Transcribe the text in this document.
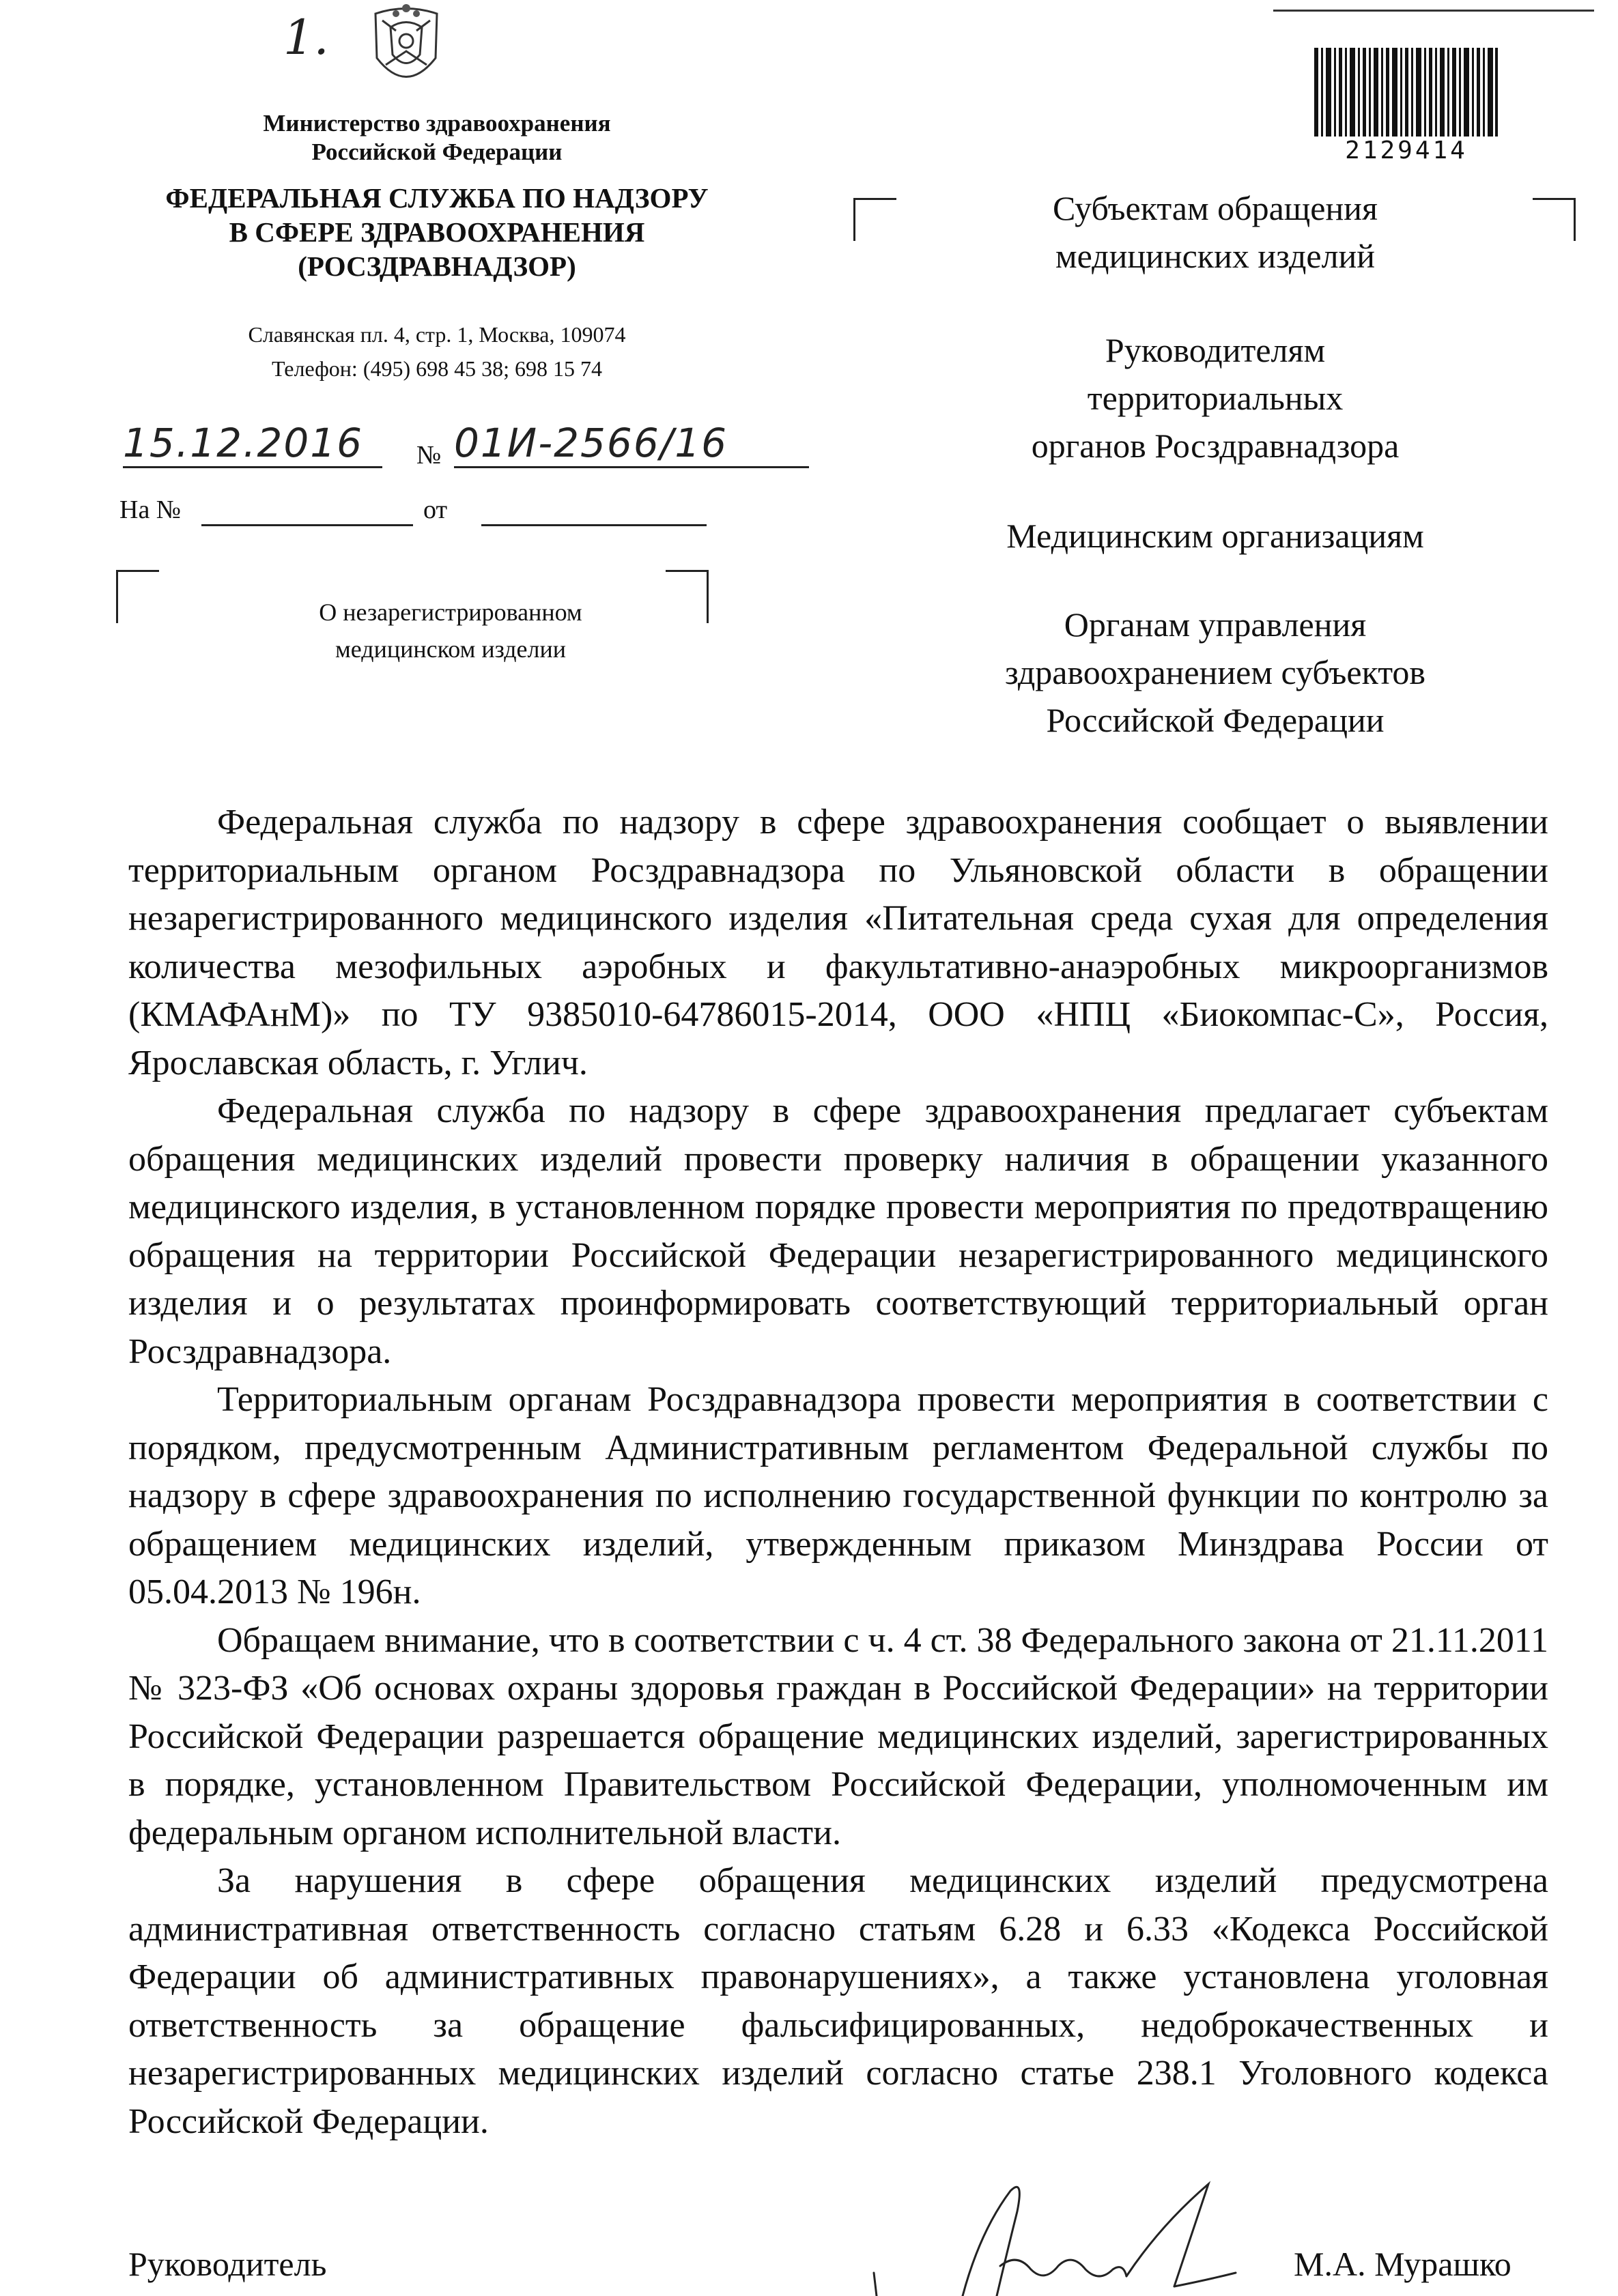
1.
Министерство здравоохранения
Российской Федерации
ФЕДЕРАЛЬНАЯ СЛУЖБА ПО НАДЗОРУ
В СФЕРЕ ЗДРАВООХРАНЕНИЯ
(РОСЗДРАВНАДЗОР)
Славянская пл. 4, стр. 1, Москва, 109074
Телефон: (495) 698 45 38; 698 15 74
15.12.2016	№ 01И-2566/16
На №	от
О незарегистрированном
медицинском изделии
2129414
Субъектам обращения
медицинских изделий
Руководителям
территориальных
органов Росздравнадзора
Медицинским организациям
Органам управления
здравоохранением субъектов
Российской Федерации

Федеральная служба по надзору в сфере здравоохранения сообщает о выявлении территориальным органом Росздравнадзора по Ульяновской области в обращении незарегистрированного медицинского изделия «Питательная среда сухая для определения количества мезофильных аэробных и факультативно-анаэробных микроорганизмов (КМАФАнМ)» по ТУ 9385010-64786015-2014, ООО «НПЦ «Биокомпас-С», Россия, Ярославская область, г. Углич.

Федеральная служба по надзору в сфере здравоохранения предлагает субъектам обращения медицинских изделий провести проверку наличия в обращении указанного медицинского изделия, в установленном порядке провести мероприятия по предотвращению обращения на территории Российской Федерации незарегистрированного медицинского изделия и о результатах проинформировать соответствующий территориальный орган Росздравнадзора.

Территориальным органам Росздравнадзора провести мероприятия в соответствии с порядком, предусмотренным Административным регламентом Федеральной службы по надзору в сфере здравоохранения по исполнению государственной функции по контролю за обращением медицинских изделий, утвержденным приказом Минздрава России от 05.04.2013 № 196н.

Обращаем внимание, что в соответствии с ч. 4 ст. 38 Федерального закона от 21.11.2011 № 323-ФЗ «Об основах охраны здоровья граждан в Российской Федерации» на территории Российской Федерации разрешается обращение медицинских изделий, зарегистрированных в порядке, установленном Правительством Российской Федерации, уполномоченным им федеральным органом исполнительной власти.

За нарушения в сфере обращения медицинских изделий предусмотрена административная ответственность согласно статьям 6.28 и 6.33 «Кодекса Российской Федерации об административных правонарушениях», а также установлена уголовная ответственность за обращение фальсифицированных, недоброкачественных и незарегистрированных медицинских изделий согласно статье 238.1 Уголовного кодекса Российской Федерации.

Руководитель	М.А. Мурашко
